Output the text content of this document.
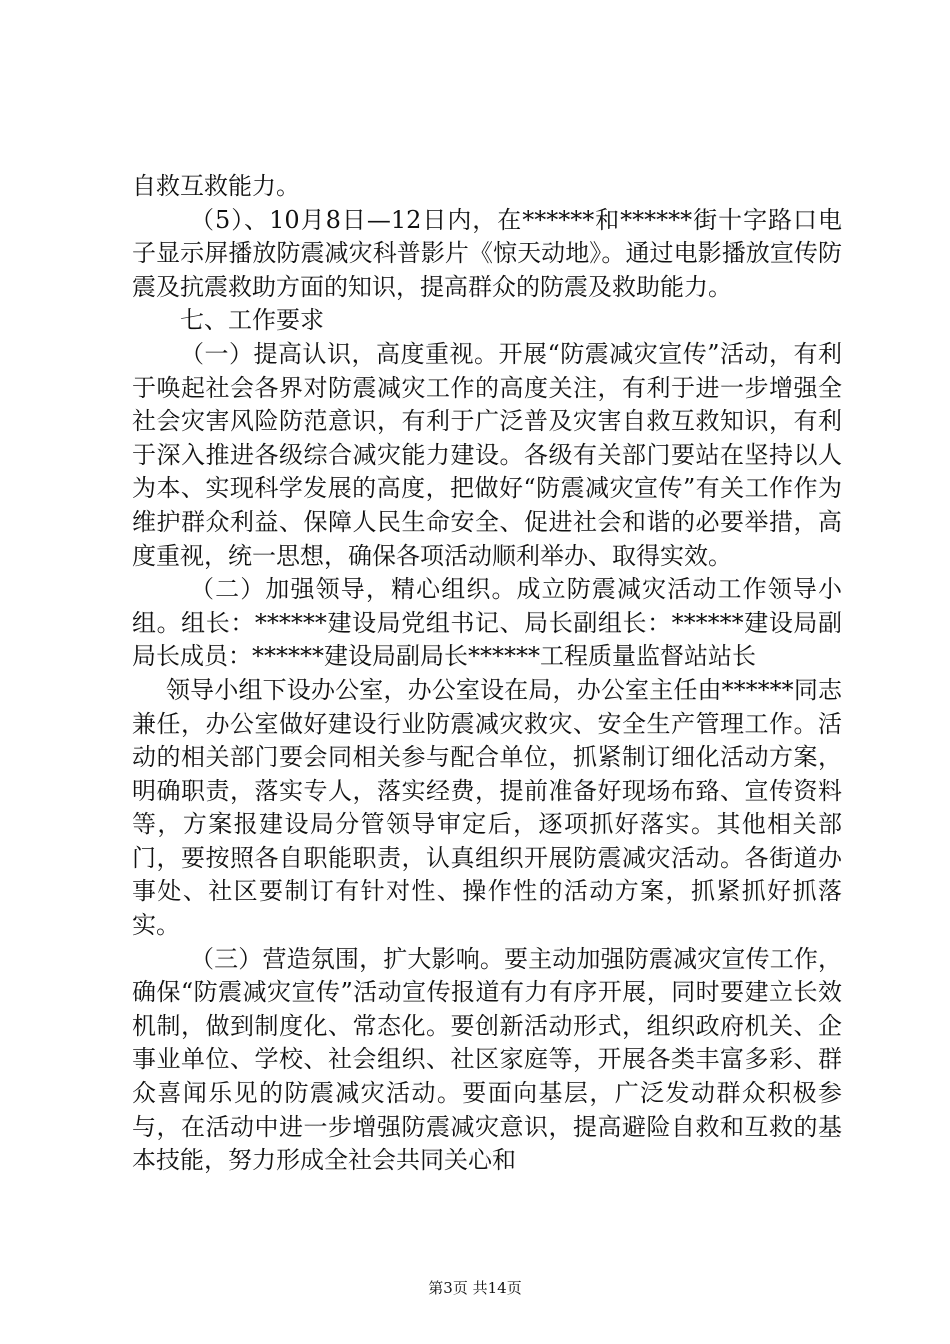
自救互救能力。

（5）、10月8日—12日内，在******和******街十字路口电子显示屏播放防震减灾科普影片《惊天动地》。通过电影播放宣传防震及抗震救助方面的知识，提高群众的防震及救助能力。

七、工作要求

（一）提高认识，高度重视。开展“防震减灾宣传”活动，有利于唤起社会各界对防震减灾工作的高度关注，有利于进一步增强全社会灾害风险防范意识，有利于广泛普及灾害自救互救知识，有利于深入推进各级综合减灾能力建设。各级有关部门要站在坚持以人为本、实现科学发展的高度，把做好“防震减灾宣传”有关工作作为维护群众利益、保障人民生命安全、促进社会和谐的必要举措，高度重视，统一思想，确保各项活动顺利举办、取得实效。

（二）加强领导，精心组织。成立防震减灾活动工作领导小组。组长：******建设局党组书记、局长副组长：******建设局副局长成员：******建设局副局长******工程质量监督站站长

领导小组下设办公室，办公室设在局，办公室主任由******同志兼任，办公室做好建设行业防震减灾救灾、安全生产管理工作。活动的相关部门要会同相关参与配合单位，抓紧制订细化活动方案，明确职责，落实专人，落实经费，提前准备好现场布臵、宣传资料等，方案报建设局分管领导审定后，逐项抓好落实。其他相关部门，要按照各自职能职责，认真组织开展防震减灾活动。各街道办事处、社区要制订有针对性、操作性的活动方案，抓紧抓好抓落实。

（三）营造氛围，扩大影响。要主动加强防震减灾宣传工作，确保“防震减灾宣传”活动宣传报道有力有序开展，同时要建立长效机制，做到制度化、常态化。要创新活动形式，组织政府机关、企事业单位、学校、社会组织、社区家庭等，开展各类丰富多彩、群众喜闻乐见的防震减灾活动。要面向基层，广泛发动群众积极参与，在活动中进一步增强防震减灾意识，提高避险自救和互救的基本技能，努力形成全社会共同关心和

第3页 共14页
